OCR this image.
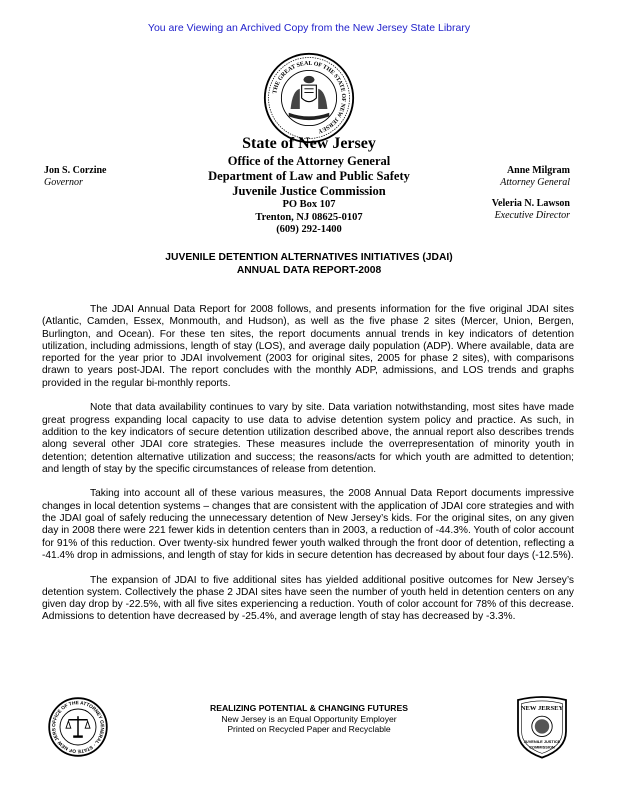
You are Viewing an Archived Copy from the New Jersey State Library
THE GREAT SEAL OF THE STATE OF NEW JERSEY
State of New Jersey
Office of the Attorney General
Department of Law and Public Safety
Juvenile Justice Commission
PO Box 107
Trenton, NJ 08625-0107
(609) 292-1400
Jon S. Corzine
Governor
Anne Milgram
Attorney General
Veleria N. Lawson
Executive Director
JUVENILE DETENTION ALTERNATIVES INITIATIVES (JDAI)
ANNUAL DATA REPORT-2008

The JDAI Annual Data Report for 2008 follows, and presents information for the five original JDAI sites (Atlantic, Camden, Essex, Monmouth, and Hudson), as well as the five phase 2 sites (Mercer, Union, Bergen, Burlington, and Ocean). For these ten sites, the report documents annual trends in key indicators of detention utilization, including admissions, length of stay (LOS), and average daily population (ADP). Where available, data are reported for the year prior to JDAI involvement (2003 for original sites, 2005 for phase 2 sites), with comparisons drawn to years post-JDAI. The report concludes with the monthly ADP, admissions, and LOS trends and graphs provided in the regular bi-monthly reports.

Note that data availability continues to vary by site. Data variation notwithstanding, most sites have made great progress expanding local capacity to use data to advise detention system policy and practice. As such, in addition to the key indicators of secure detention utilization described above, the annual report also describes trends along several other JDAI core strategies. These measures include the overrepresentation of minority youth in detention; detention alternative utilization and success; the reasons/acts for which youth are admitted to detention; and length of stay by the specific circumstances of release from detention.

Taking into account all of these various measures, the 2008 Annual Data Report documents impressive changes in local detention systems – changes that are consistent with the application of JDAI core strategies and with the JDAI goal of safely reducing the unnecessary detention of New Jersey’s kids. For the original sites, on any given day in 2008 there were 221 fewer kids in detention centers than in 2003, a reduction of -44.3%. Youth of color account for 91% of this reduction. Over twenty-six hundred fewer youth walked through the front door of detention, reflecting a -41.4% drop in admissions, and length of stay for kids in secure detention has decreased by about four days (-12.5%).

The expansion of JDAI to five additional sites has yielded additional positive outcomes for New Jersey’s detention system. Collectively the phase 2 JDAI sites have seen the number of youth held in detention centers on any given day drop by -22.5%, with all five sites experiencing a reduction. Youth of color account for 78% of this decrease. Admissions to detention have decreased by -25.4%, and average length of stay has decreased by -3.3%.

OFFICE OF THE ATTORNEY GENERAL · STATE OF NEW JERS
REALIZING POTENTIAL & CHANGING FUTURES
New Jersey is an Equal Opportunity Employer
Printed on Recycled Paper and Recyclable
NEW JERSEY
JUVENILE JUSTICE
COMMISSION
